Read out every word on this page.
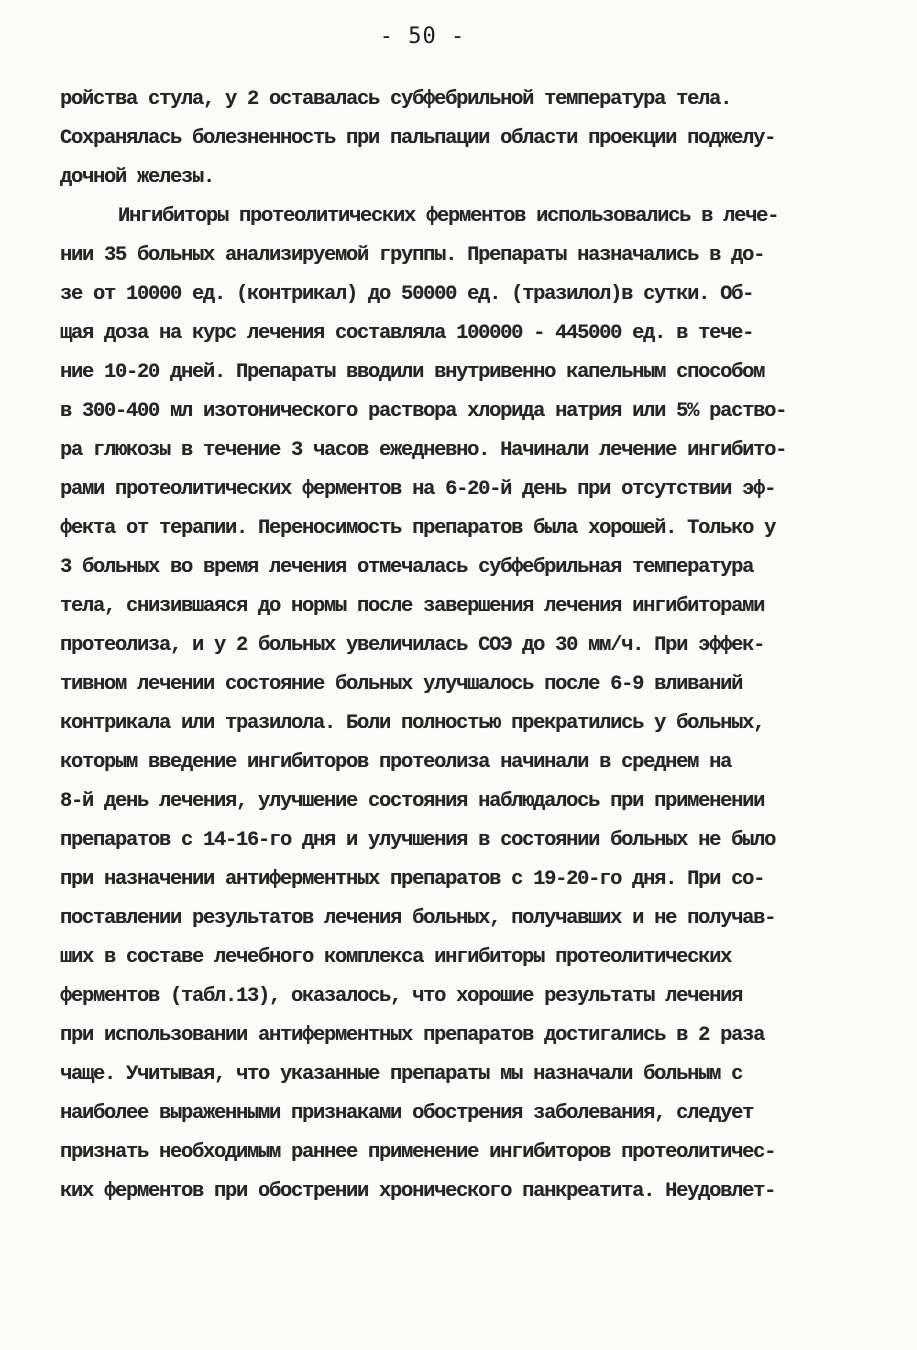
- 50 -
ройства стула, у 2 оставалась субфебрильной температура тела.
Сохранялась болезненность при пальпации области проекции поджелу-
дочной железы.
Ингибиторы протеолитических ферментов использовались в лече-
нии 35 больных анализируемой группы. Препараты назначались в до-
зе от 10000 ед. (контрикал) до 50000 ед. (тразилол)в сутки. Об-
щая доза на курс лечения составляла 100000 - 445000 ед. в тече-
ние 10-20 дней. Препараты вводили внутривенно капельным способом
в 300-400 мл изотонического раствора хлорида натрия или 5% раство-
ра глюкозы в течение 3 часов ежедневно. Начинали лечение ингибито-
рами протеолитических ферментов на 6-20-й день при отсутствии эф-
фекта от терапии. Переносимость препаратов была хорошей. Только у
3 больных во время лечения отмечалась субфебрильная температура
тела, снизившаяся до нормы после завершения лечения ингибиторами
протеолиза, и у 2 больных увеличилась СОЭ до 30 мм/ч. При эффек-
тивном лечении состояние больных улучшалось после 6-9 вливаний
контрикала или тразилола. Боли полностью прекратились у больных,
которым введение ингибиторов протеолиза начинали в среднем на
8-й день лечения, улучшение состояния наблюдалось при применении
препаратов с 14-16-го дня и улучшения в состоянии больных не было
при назначении антиферментных препаратов с 19-20-го дня. При со-
поставлении результатов лечения больных, получавших и не получав-
ших в составе лечебного комплекса ингибиторы протеолитических
ферментов (табл.13), оказалось, что хорошие результаты лечения
при использовании антиферментных препаратов достигались в 2 раза
чаще. Учитывая, что указанные препараты мы назначали больным с
наиболее выраженными признаками обострения заболевания, следует
признать необходимым раннее применение ингибиторов протеолитичес-
ких ферментов при обострении хронического панкреатита. Неудовлет-
